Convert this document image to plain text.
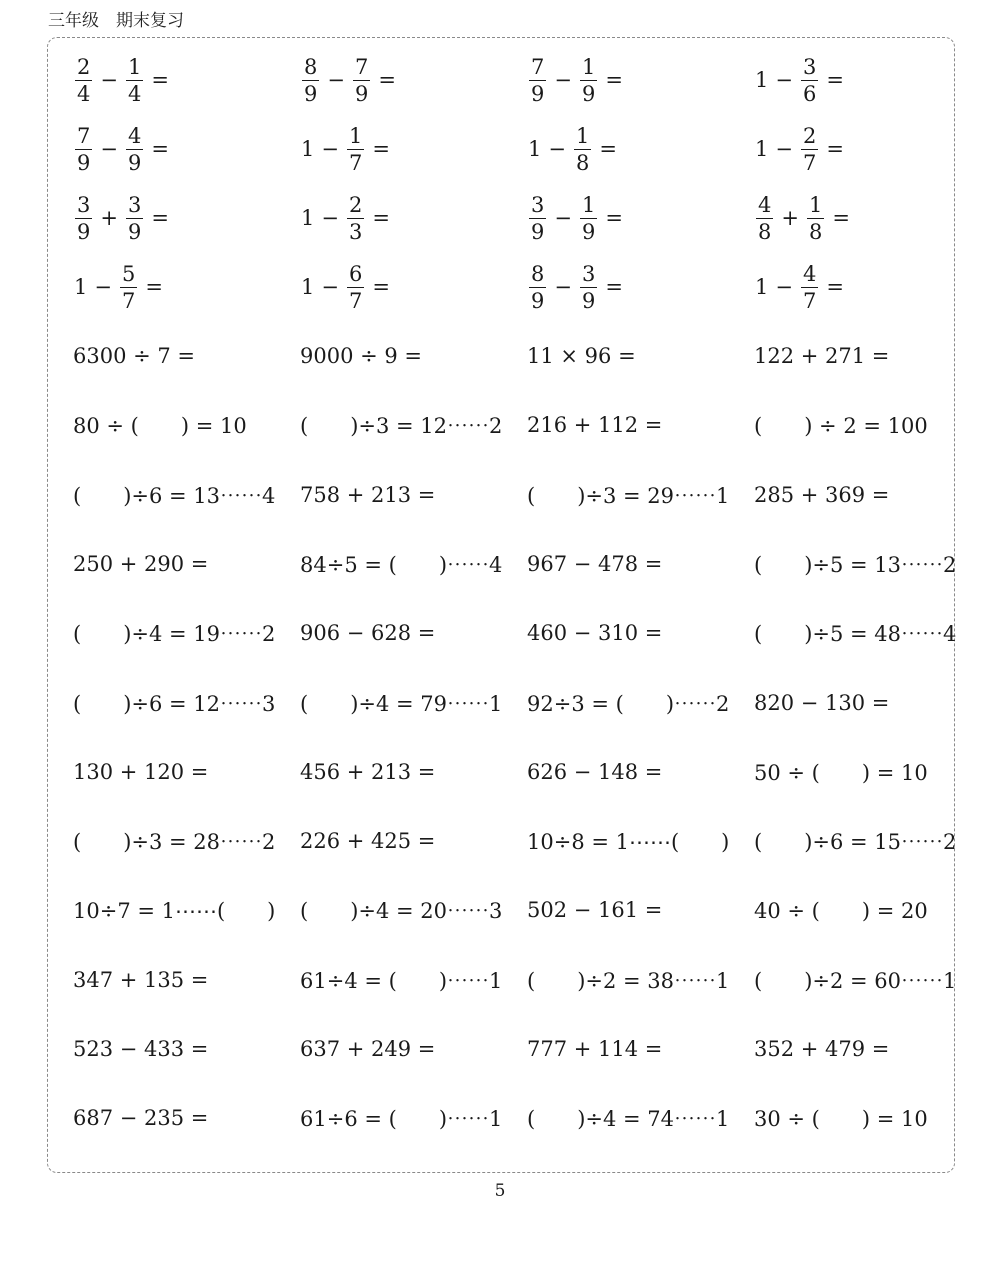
三年级　期末复习
$\frac{2}{4} - \frac{1}{4}$ =	$\frac{8}{9} - \frac{7}{9}$ =	$\frac{7}{9} - \frac{1}{9}$ =	$1 - \frac{3}{6}$ =
$\frac{7}{9} - \frac{4}{9}$ =	$1 - \frac{1}{7}$ =	$1 - \frac{1}{8}$ =	$1 - \frac{2}{7}$ =
$\frac{3}{9} + \frac{3}{9}$ =	$1 - \frac{2}{3}$ =	$\frac{3}{9} - \frac{1}{9}$ =	$\frac{4}{8} + \frac{1}{8}$ =
$1 - \frac{5}{7}$ =	$1 - \frac{6}{7}$ =	$\frac{8}{9} - \frac{3}{9}$ =	$1 - \frac{4}{7}$ =
6300 ÷ 7 =	9000 ÷ 9 =	11 × 96 =	122 + 271 =
80 ÷ (　　) = 10	(　　)÷3 = 12⋯⋯2	216 + 112 =	(　　) ÷ 2 = 100
(　　)÷6 = 13⋯⋯4	758 + 213 =	(　　)÷3 = 29⋯⋯1	285 + 369 =
250 + 290 =	84÷5 = (　　)⋯⋯4	967 − 478 =	(　　)÷5 = 13⋯⋯2
(　　)÷4 = 19⋯⋯2	906 − 628 =	460 − 310 =	(　　)÷5 = 48⋯⋯4
(　　)÷6 = 12⋯⋯3	(　　)÷4 = 79⋯⋯1	92÷3 = (　　)⋯⋯2	820 − 130 =
130 + 120 =	456 + 213 =	626 − 148 =	50 ÷ (　　) = 10
(　　)÷3 = 28⋯⋯2	226 + 425 =	10÷8 = 1⋯⋯(　　)	(　　)÷6 = 15⋯⋯2
10÷7 = 1⋯⋯(　　)	(　　)÷4 = 20⋯⋯3	502 − 161 =	40 ÷ (　　) = 20
347 + 135 =	61÷4 = (　　)⋯⋯1	(　　)÷2 = 38⋯⋯1	(　　)÷2 = 60⋯⋯1
523 − 433 =	637 + 249 =	777 + 114 =	352 + 479 =
687 − 235 =	61÷6 = (　　)⋯⋯1	(　　)÷4 = 74⋯⋯1	30 ÷ (　　) = 10
5
